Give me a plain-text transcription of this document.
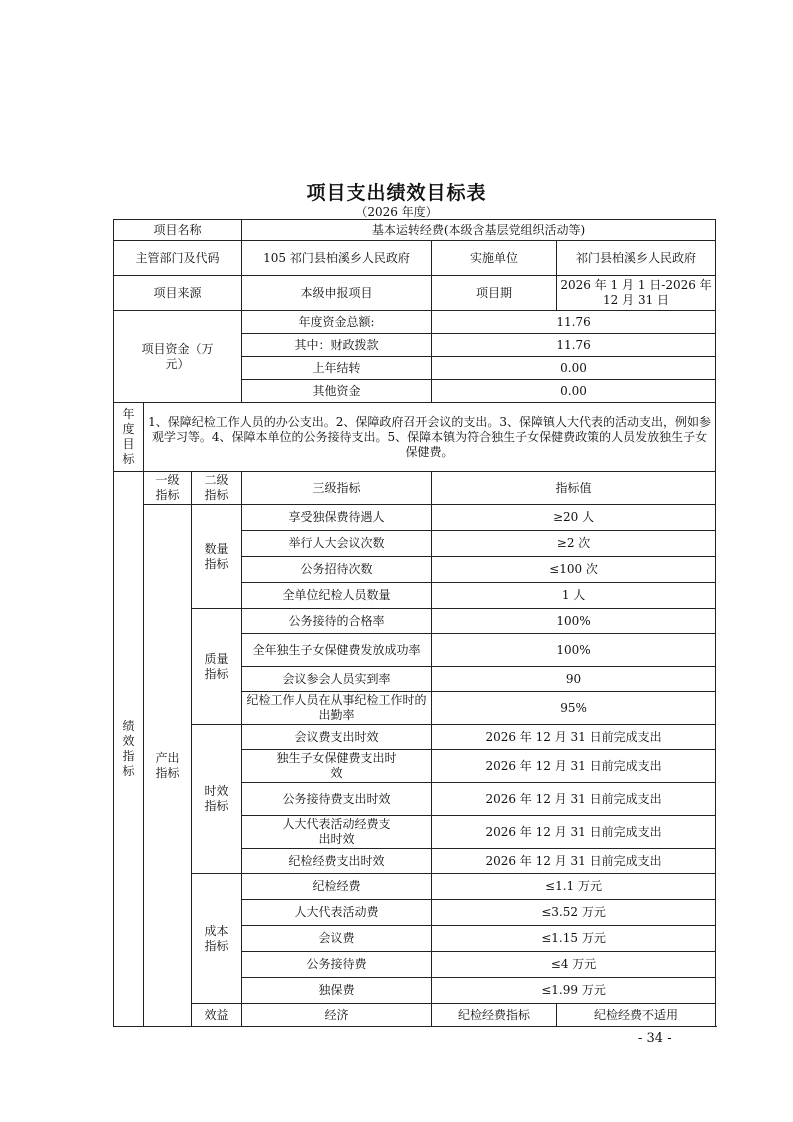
项目支出绩效目标表
（2026 年度）
项目名称			基本运转经费(本级含基层党组织活动等)		
主管部门及代码			105 祁门县柏溪乡人民政府	实施单位	祁门县柏溪乡人民政府
项目来源			本级申报项目	项目期	2026 年 1 月 1 日-2026 年 12 月 31 日
项目资金（万元）			年度资金总额:	11.76	
			其中：财政拨款	11.76	
			上年结转	0.00	
			其他资金	0.00	
年度目标	1、保障纪检工作人员的办公支出。2、保障政府召开会议的支出。3、保障镇人大代表的活动支出，例如参观学习等。4、保障本单位的公务接待支出。5、保障本镇为符合独生子女保健费政策的人员发放独生子女保健费。				
绩效指标	一级指标	二级指标	三级指标	指标值	
	产出指标	数量指标	享受独保费待遇人	≥20 人	
			举行人大会议次数	≥2 次	
			公务招待次数	≤100 次	
			全单位纪检人员数量	1 人	
		质量指标	公务接待的合格率	100%	
			全年独生子女保健费发放成功率	100%	
			会议参会人员实到率	90	
			纪检工作人员在从事纪检工作时的出勤率	95%	
		时效指标	会议费支出时效	2026 年 12 月 31 日前完成支出	
			独生子女保健费支出时效	2026 年 12 月 31 日前完成支出	
			公务接待费支出时效	2026 年 12 月 31 日前完成支出	
			人大代表活动经费支出时效	2026 年 12 月 31 日前完成支出	
			纪检经费支出时效	2026 年 12 月 31 日前完成支出	
		成本指标	纪检经费	≤1.1 万元	
			人大代表活动费	≤3.52 万元	
			会议费	≤1.15 万元	
			公务接待费	≤4 万元	
			独保费	≤1.99 万元	
		效益	经济	纪检经费指标	纪检经费不适用
- 34 -
